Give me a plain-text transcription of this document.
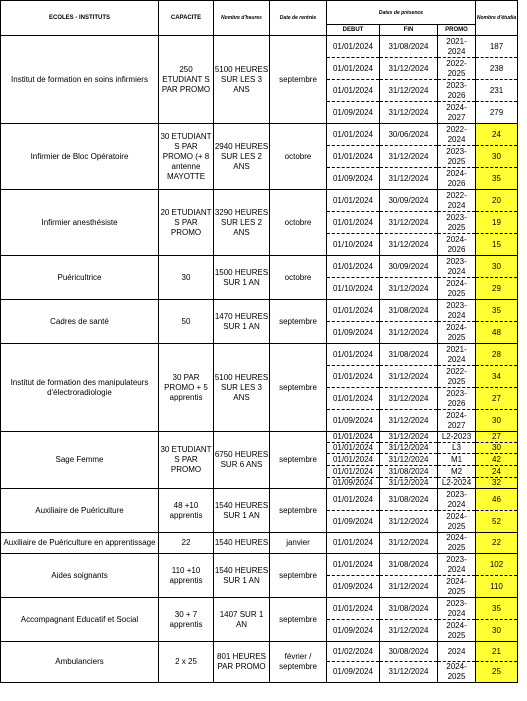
ECOLES - INSTITUTS	CAPACITE	Nombre d'heures	Date de rentrée	Dates de présence			Nombre d'étudia
				DEBUT	FIN	PROMO	
Institut de formation en soins infirmiers	250 ETUDIANT S PAR PROMO	5100 HEURES SUR LES 3 ANS	septembre	01/01/2024	31/08/2024	2021-2024	187
				01/01/2024	31/12/2024	2022-2025	238
				01/01/2024	31/12/2024	2023-2026	231
				01/09/2024	31/12/2024	2024-2027	279
Infirmier de Bloc Opératoire	30 ETUDIANT S PAR PROMO (+ 8 antenne MAYOTTE	2940 HEURES SUR LES 2 ANS	octobre	01/01/2024	30/06/2024	2022-2024	24
				01/01/2024	31/12/2024	2023-2025	30
				01/09/2024	31/12/2024	2024-2026	35
Infirmier anesthésiste	20 ETUDIANT S PAR PROMO	3290 HEURES SUR LES 2 ANS	octobre	01/01/2024	30/09/2024	2022-2024	20
				01/01/2024	31/12/2024	2023-2025	19
				01/10/2024	31/12/2024	2024-2026	15
Puéricultrice	30	1500 HEURES SUR 1 AN	octobre	01/01/2024	30/09/2024	2023-2024	30
				01/10/2024	31/12/2024	2024-2025	29
Cadres de santé	50	1470 HEURES SUR 1 AN	septembre	01/01/2024	31/08/2024	2023-2024	35
				01/09/2024	31/12/2024	2024-2025	48
Institut de formation des manipulateurs d'électroradiologie	30 PAR PROMO + 5 apprentis	5100 HEURES SUR LES 3 ANS	septembre	01/01/2024	31/08/2024	2021-2024	28
				01/01/2024	31/12/2024	2022-2025	34
				01/01/2024	31/12/2024	2023-2026	27
				01/09/2024	31/12/2024	2024-2027	30
Sage Femme	30 ETUDIANT S PAR PROMO	6750 HEURES SUR 6 ANS	septembre	01/01/2024	31/12/2024	L2-2023	27
				01/01/2024	31/12/2024	L3	30
				01/01/2024	31/12/2024	M1	42
				01/01/2024	31/08/2024	M2	24
				01/09/2024	31/12/2024	L2-2024	32
Auxiliaire de Puériculture	48 +10 apprentis	1540 HEURES SUR 1 AN	septembre	01/01/2024	31/08/2024	2023-2024	46
				01/09/2024	31/12/2024	2024-2025	52
Auxiliaire de Puériculture en apprentissage	22	1540 HEURES	janvier	01/01/2024	31/12/2024	2024-2025	22
Aides soignants	110 +10 apprentis	1540 HEURES SUR 1 AN	septembre	01/01/2024	31/08/2024	2023-2024	102
				01/09/2024	31/12/2024	2024-2025	110
Accompagnant Educatif et Social	30 + 7 apprentis	1407 SUR 1 AN	septembre	01/01/2024	31/08/2024	2023-2024	35
				01/09/2024	31/12/2024	2024-2025	30
Ambulanciers	2 x 25	801 HEURES PAR PROMO	février / septembre	01/02/2024	30/08/2024	2024	21
				01/09/2024	31/12/2024	2024-2025	25
